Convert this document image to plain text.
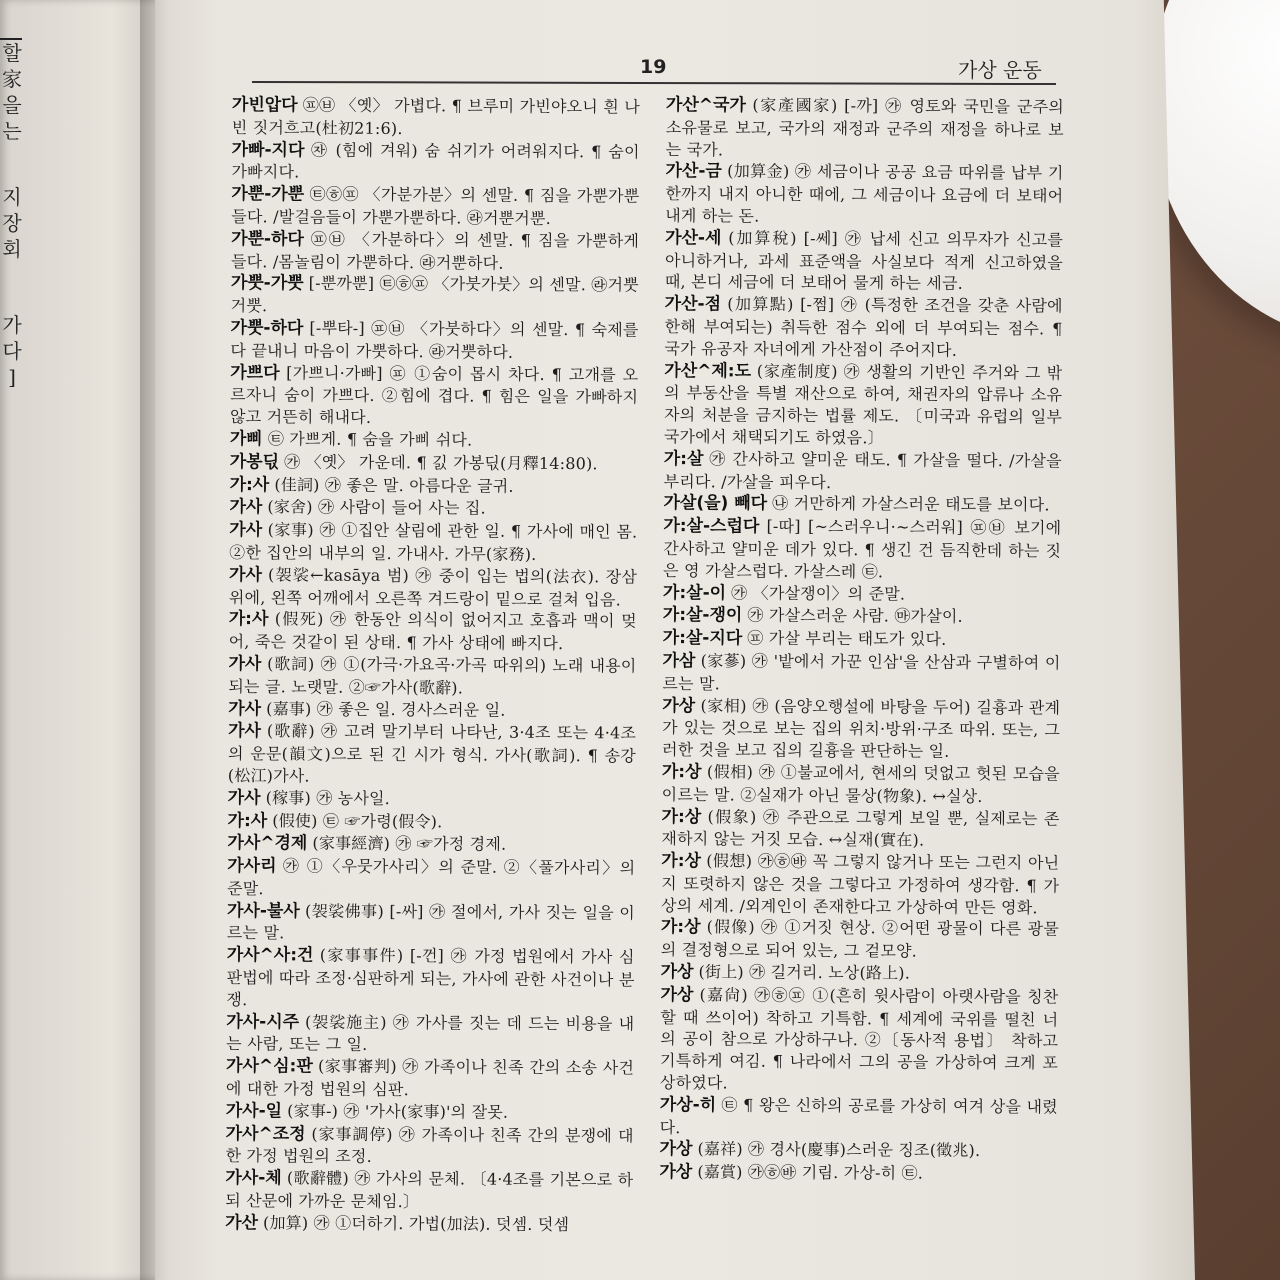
할
家
을
는
지
장
회
가
다
]
19	가상 운동

가빈압다 ㉬㉥ 〈옛〉 가볍다. ¶ 브루미 가빈야오니 흰 나빈 짓거흐고(杜初21:6).

가빠-지다 ㉶ (힘에 겨워) 숨 쉬기가 어려워지다. ¶ 숨이 가빠지다.

가뿐-가뿐 ㉫㉭㉬ 〈가분가분〉의 센말. ¶ 짐을 가뿐가뿐 들다. /발걸음들이 가뿐가뿐하다. ㉱거뿐거뿐.

가뿐-하다 ㉬㉥ 〈가분하다〉의 센말. ¶ 짐을 가뿐하게 들다. /몸놀림이 가뿐하다. ㉱거뿐하다.

가뿟-가뿟 [-뿐까뿐] ㉫㉭㉬ 〈가붓가붓〉의 센말. ㉱거뿟거뿟.

가뿟-하다 [-뿌타-] ㉬㉥ 〈가붓하다〉의 센말. ¶ 숙제를 다 끝내니 마음이 가뿟하다. ㉱거뿟하다.

가쁘다 [가쁘니·가빠] ㉬ ①숨이 몹시 차다. ¶ 고개를 오르자니 숨이 가쁘다. ②힘에 겹다. ¶ 힘은 일을 가빠하지 않고 거뜬히 해내다.

가삐 ㉫ 가쁘게. ¶ 숨을 가삐 쉬다.

가봉딗 ㉮ 〈옛〉 가운데. ¶ 긼 가봉딗(月釋14:80).

가:사 (佳詞) ㉮ 좋은 말. 아름다운 글귀.

가사 (家舍) ㉮ 사람이 들어 사는 집.

가사 (家事) ㉮ ①집안 살림에 관한 일. ¶ 가사에 매인 몸. ②한 집안의 내부의 일. 가내사. 가무(家務).

가사 (袈裟←kasāya 범) ㉮ 중이 입는 법의(法衣). 장삼 위에, 왼쪽 어깨에서 오른쪽 겨드랑이 밑으로 걸쳐 입음.

가:사 (假死) ㉮ 한동안 의식이 없어지고 호흡과 맥이 멎어, 죽은 것같이 된 상태. ¶ 가사 상태에 빠지다.

가사 (歌詞) ㉮ ①(가극·가요곡·가곡 따위의) 노래 내용이 되는 글. 노랫말. ②☞가사(歌辭).

가사 (嘉事) ㉮ 좋은 일. 경사스러운 일.

가사 (歌辭) ㉮ 고려 말기부터 나타난, 3·4조 또는 4·4조의 운문(韻文)으로 된 긴 시가 형식. 가사(歌詞). ¶ 송강(松江)가사.

가사 (稼事) ㉮ 농사일.

가:사 (假使) ㉫ ☞가령(假令).

가사^경제 (家事經濟) ㉮ ☞가정 경제.

가사리 ㉮ ①〈우뭇가사리〉의 준말. ②〈풀가사리〉의 준말.

가사-불사 (袈裟佛事) [-싸] ㉮ 절에서, 가사 짓는 일을 이르는 말.

가사^사:건 (家事事件) [-껀] ㉮ 가정 법원에서 가사 심판법에 따라 조정·심판하게 되는, 가사에 관한 사건이나 분쟁.

가사-시주 (袈裟施主) ㉮ 가사를 짓는 데 드는 비용을 내는 사람, 또는 그 일.

가사^심:판 (家事審判) ㉮ 가족이나 친족 간의 소송 사건에 대한 가정 법원의 심판.

가사-일 (家事-) ㉮ '가사(家事)'의 잘못.

가사^조정 (家事調停) ㉮ 가족이나 친족 간의 분쟁에 대한 가정 법원의 조정.

가사-체 (歌辭體) ㉮ 가사의 문체. 〔4·4조를 기본으로 하되 산문에 가까운 문체임.〕

가산 (加算) ㉮ ①더하기. 가법(加法). 덧셈. 덧셈

가산^국가 (家產國家) [-까] ㉮ 영토와 국민을 군주의 소유물로 보고, 국가의 재정과 군주의 재정을 하나로 보는 국가.

가산-금 (加算金) ㉮ 세금이나 공공 요금 따위를 납부 기한까지 내지 아니한 때에, 그 세금이나 요금에 더 보태어 내게 하는 돈.

가산-세 (加算稅) [-쎄] ㉮ 납세 신고 의무자가 신고를 아니하거나, 과세 표준액을 사실보다 적게 신고하였을 때, 본디 세금에 더 보태어 물게 하는 세금.

가산-점 (加算點) [-쩜] ㉮ (특정한 조건을 갖춘 사람에 한해 부여되는) 취득한 점수 외에 더 부여되는 점수. ¶ 국가 유공자 자녀에게 가산점이 주어지다.

가산^제:도 (家產制度) ㉮ 생활의 기반인 주거와 그 밖의 부동산을 특별 재산으로 하여, 채권자의 압류나 소유자의 처분을 금지하는 법률 제도. 〔미국과 유럽의 일부 국가에서 채택되기도 하였음.〕

가:살 ㉮ 간사하고 얄미운 태도. ¶ 가살을 떨다. /가살을 부리다. /가살을 피우다.

가살(을) 빼다 ㉯ 거만하게 가살스러운 태도를 보이다.

가:살-스럽다 [-따] [~스러우니·~스러워] ㉬㉥ 보기에 간사하고 얄미운 데가 있다. ¶ 생긴 건 듬직한데 하는 짓은 영 가살스럽다. 가살스레 ㉫.

가:살-이 ㉮ 〈가살쟁이〉의 준말.

가:살-쟁이 ㉮ 가살스러운 사람. ㉲가살이.

가:살-지다 ㉬ 가살 부리는 태도가 있다.

가삼 (家蔘) ㉮ '밭에서 가꾼 인삼'을 산삼과 구별하여 이르는 말.

가상 (家相) ㉮ (음양오행설에 바탕을 두어) 길흉과 관계가 있는 것으로 보는 집의 위치·방위·구조 따위. 또는, 그러한 것을 보고 집의 길흉을 판단하는 일.

가:상 (假相) ㉮ ①불교에서, 현세의 덧없고 헛된 모습을 이르는 말. ②실재가 아닌 물상(物象). ↔실상.

가:상 (假象) ㉮ 주관으로 그렇게 보일 뿐, 실제로는 존재하지 않는 거짓 모습. ↔실재(實在).

가:상 (假想) ㉮㉭㉳ 꼭 그렇지 않거나 또는 그런지 아닌지 또렷하지 않은 것을 그렇다고 가정하여 생각함. ¶ 가상의 세계. /외계인이 존재한다고 가상하여 만든 영화.

가:상 (假像) ㉮ ①거짓 현상. ②어떤 광물이 다른 광물의 결정형으로 되어 있는, 그 겉모양.

가상 (街上) ㉮ 길거리. 노상(路上).

가상 (嘉尙) ㉮㉭㉬ ①(흔히 윗사람이 아랫사람을 칭찬할 때 쓰이어) 착하고 기특함. ¶ 세계에 국위를 떨친 너의 공이 참으로 가상하구나. ②〔동사적 용법〕 착하고 기특하게 여김. ¶ 나라에서 그의 공을 가상하여 크게 포상하였다.

가상-히 ㉫ ¶ 왕은 신하의 공로를 가상히 여겨 상을 내렸다.

가상 (嘉祥) ㉮ 경사(慶事)스러운 징조(徵兆).

가상 (嘉賞) ㉮㉭㉳ 기림. 가상-히 ㉫.
